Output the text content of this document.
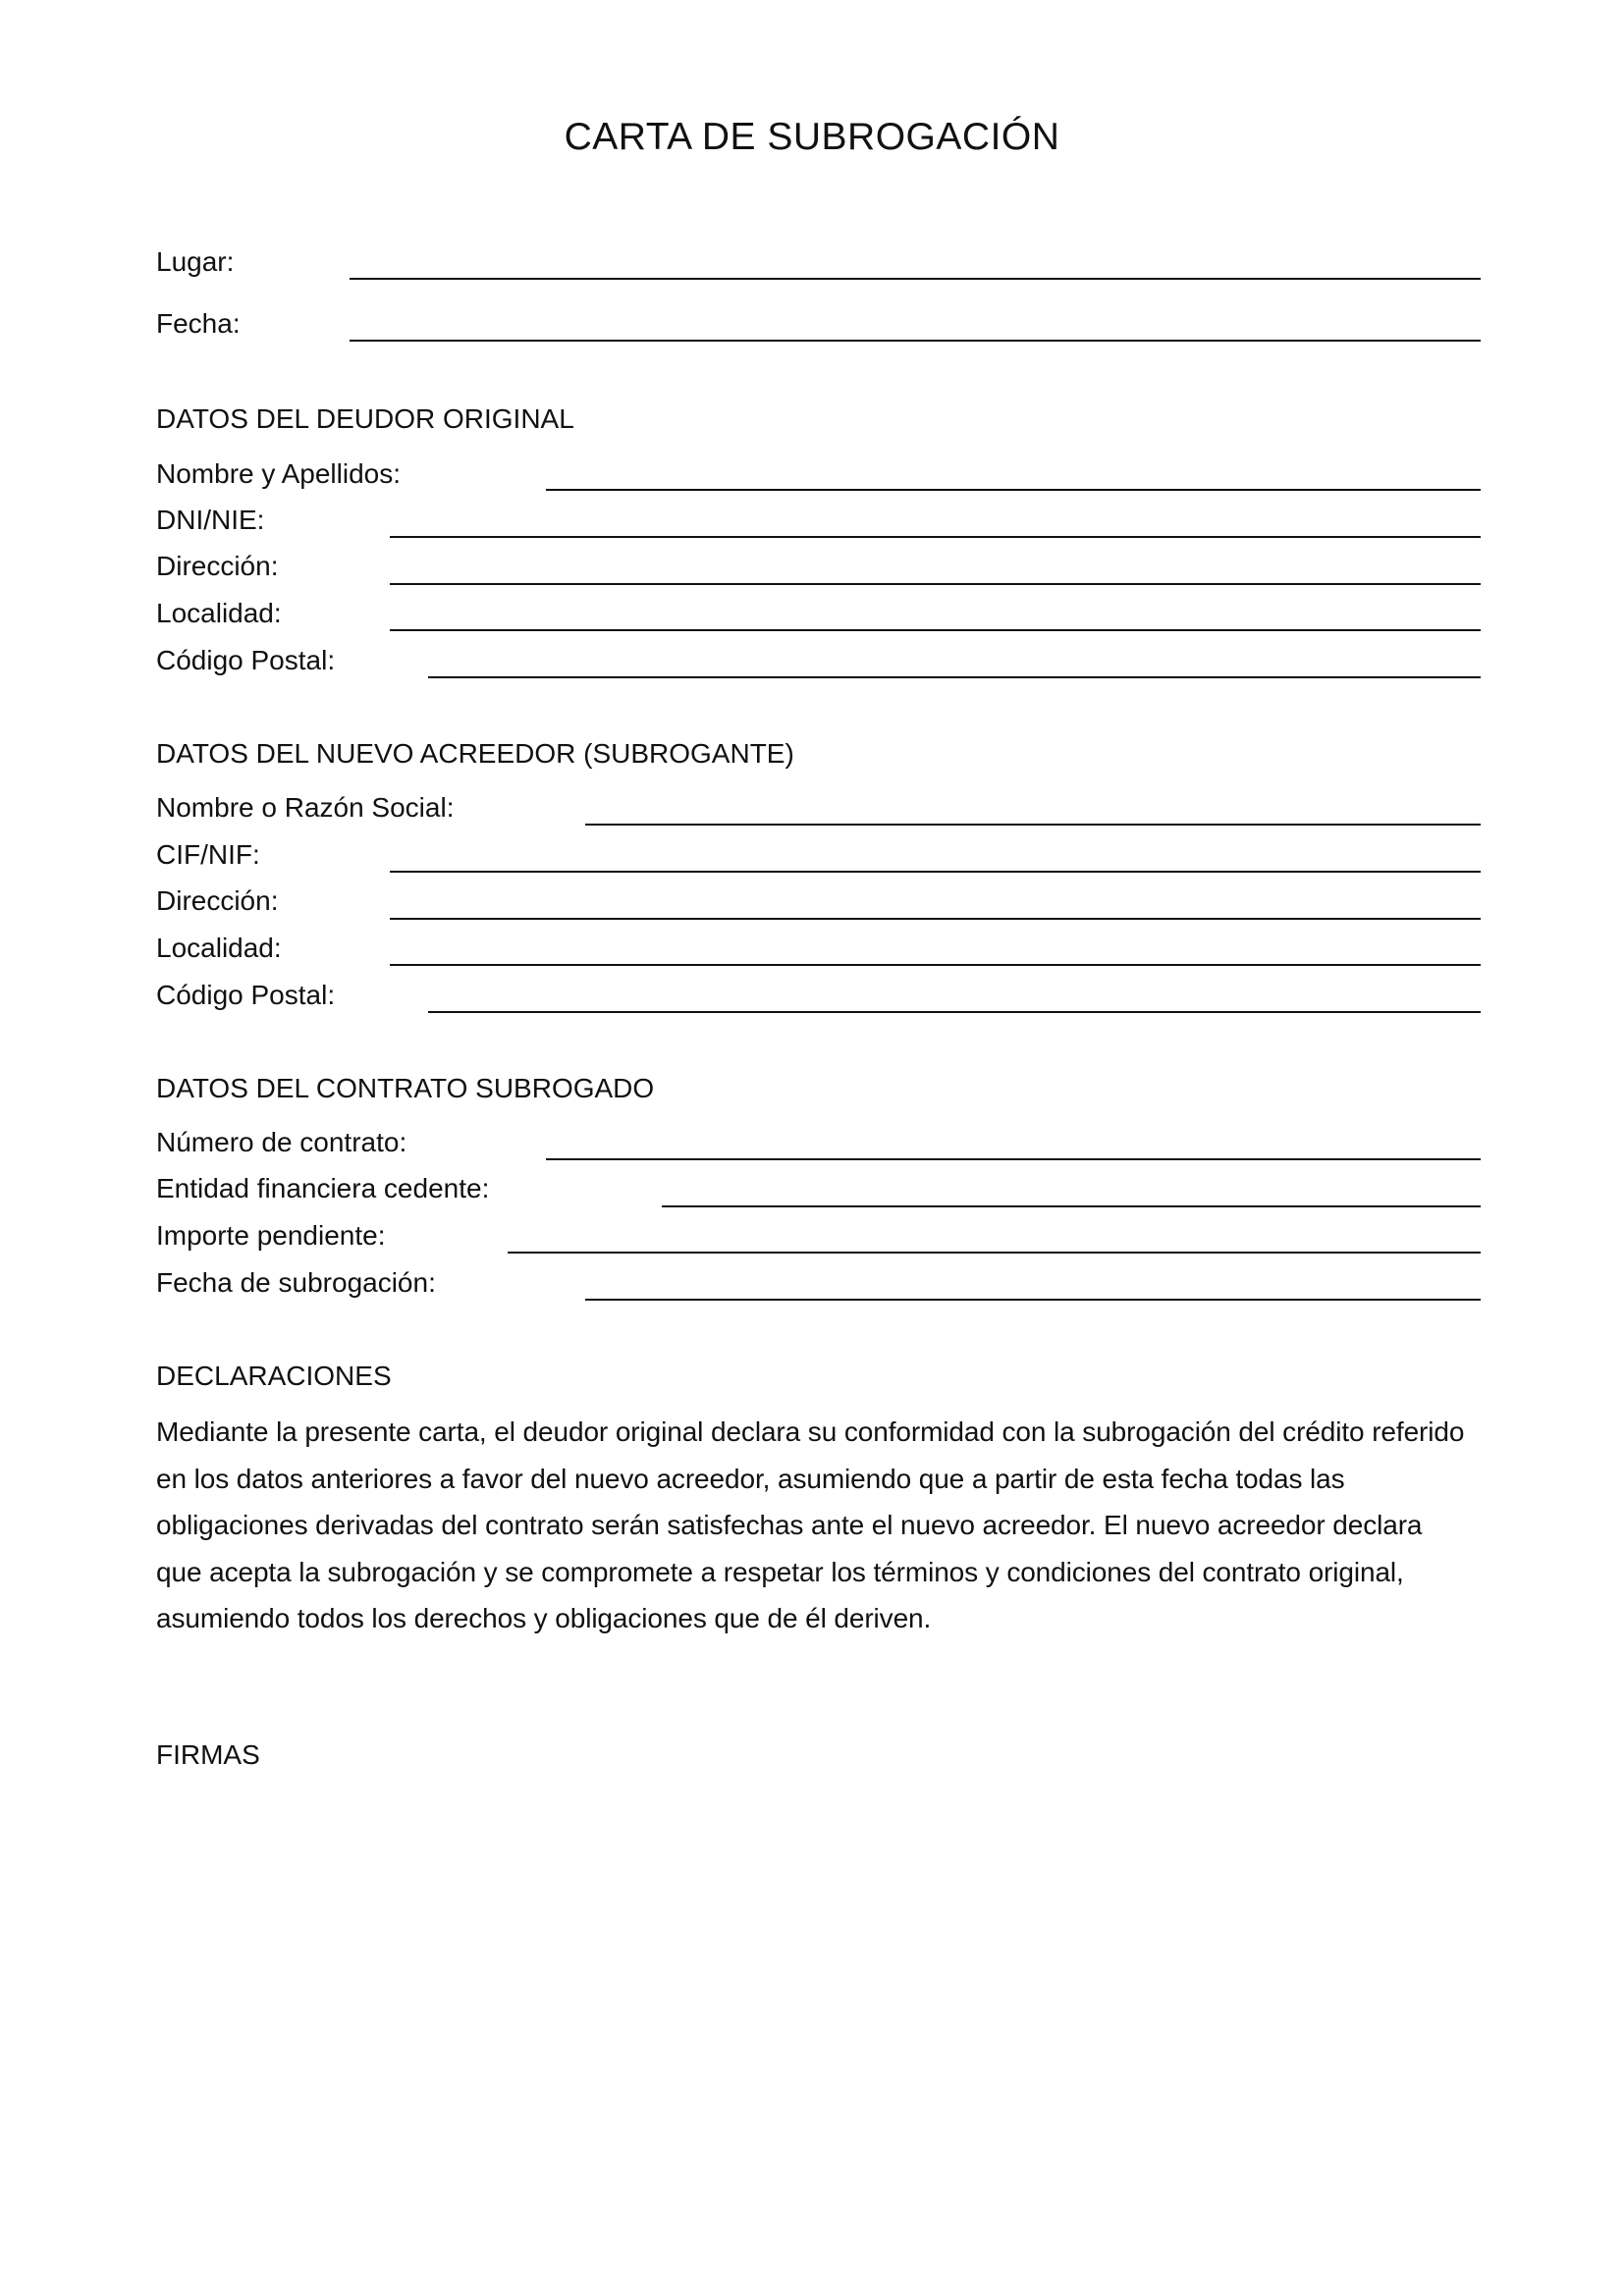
CARTA DE SUBROGACIÓN
Lugar:
Fecha:
DATOS DEL DEUDOR ORIGINAL
Nombre y Apellidos:
DNI/NIE:
Dirección:
Localidad:
Código Postal:
DATOS DEL NUEVO ACREEDOR (SUBROGANTE)
Nombre o Razón Social:
CIF/NIF:
Dirección:
Localidad:
Código Postal:
DATOS DEL CONTRATO SUBROGADO
Número de contrato:
Entidad financiera cedente:
Importe pendiente:
Fecha de subrogación:
DECLARACIONES
Mediante la presente carta, el deudor original declara su conformidad con la subrogación del crédito referido
en los datos anteriores a favor del nuevo acreedor, asumiendo que a partir de esta fecha todas las
obligaciones derivadas del contrato serán satisfechas ante el nuevo acreedor. El nuevo acreedor declara
que acepta la subrogación y se compromete a respetar los términos y condiciones del contrato original,
asumiendo todos los derechos y obligaciones que de él deriven.
FIRMAS
